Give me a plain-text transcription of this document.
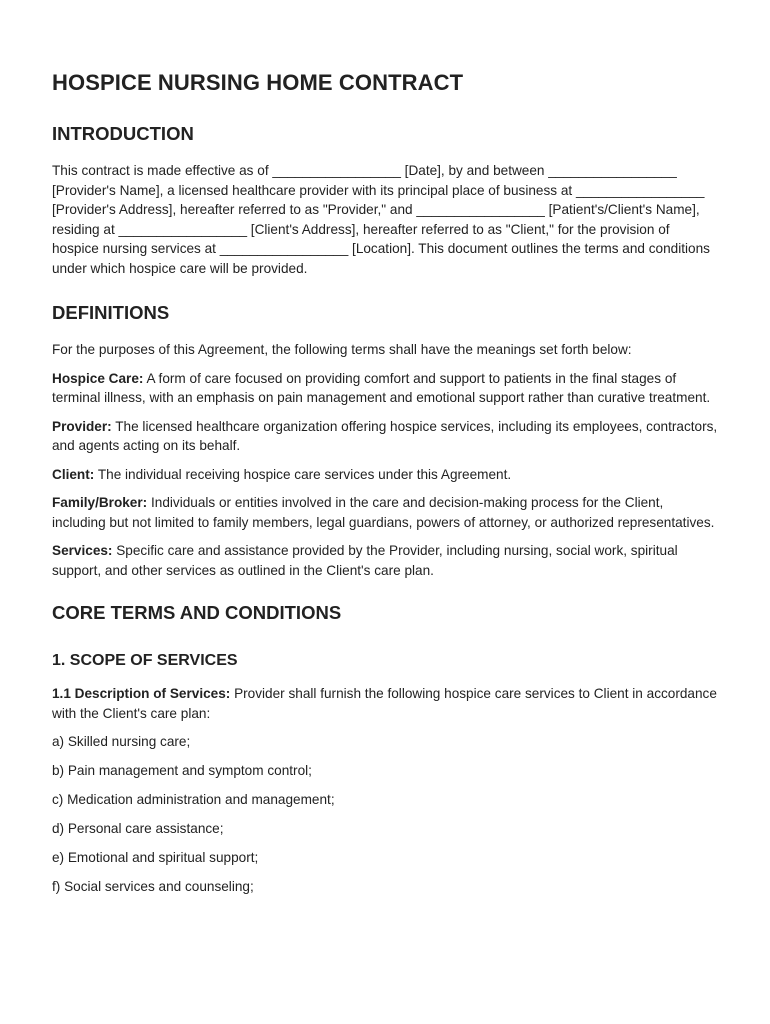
HOSPICE NURSING HOME CONTRACT
INTRODUCTION

This contract is made effective as of _________________ [Date], by and between _________________ [Provider's Name], a licensed healthcare provider with its principal place of business at _________________ [Provider's Address], hereafter referred to as "Provider," and _________________ [Patient's/Client's Name], residing at _________________ [Client's Address], hereafter referred to as "Client," for the provision of hospice nursing services at _________________ [Location]. This document outlines the terms and conditions under which hospice care will be provided.

DEFINITIONS

For the purposes of this Agreement, the following terms shall have the meanings set forth below:

Hospice Care: A form of care focused on providing comfort and support to patients in the final stages of terminal illness, with an emphasis on pain management and emotional support rather than curative treatment.

Provider: The licensed healthcare organization offering hospice services, including its employees, contractors, and agents acting on its behalf.

Client: The individual receiving hospice care services under this Agreement.

Family/Broker: Individuals or entities involved in the care and decision-making process for the Client, including but not limited to family members, legal guardians, powers of attorney, or authorized representatives.

Services: Specific care and assistance provided by the Provider, including nursing, social work, spiritual support, and other services as outlined in the Client's care plan.

CORE TERMS AND CONDITIONS
1. SCOPE OF SERVICES

1.1 Description of Services: Provider shall furnish the following hospice care services to Client in accordance with the Client's care plan:

a) Skilled nursing care;

b) Pain management and symptom control;

c) Medication administration and management;

d) Personal care assistance;

e) Emotional and spiritual support;

f) Social services and counseling;
